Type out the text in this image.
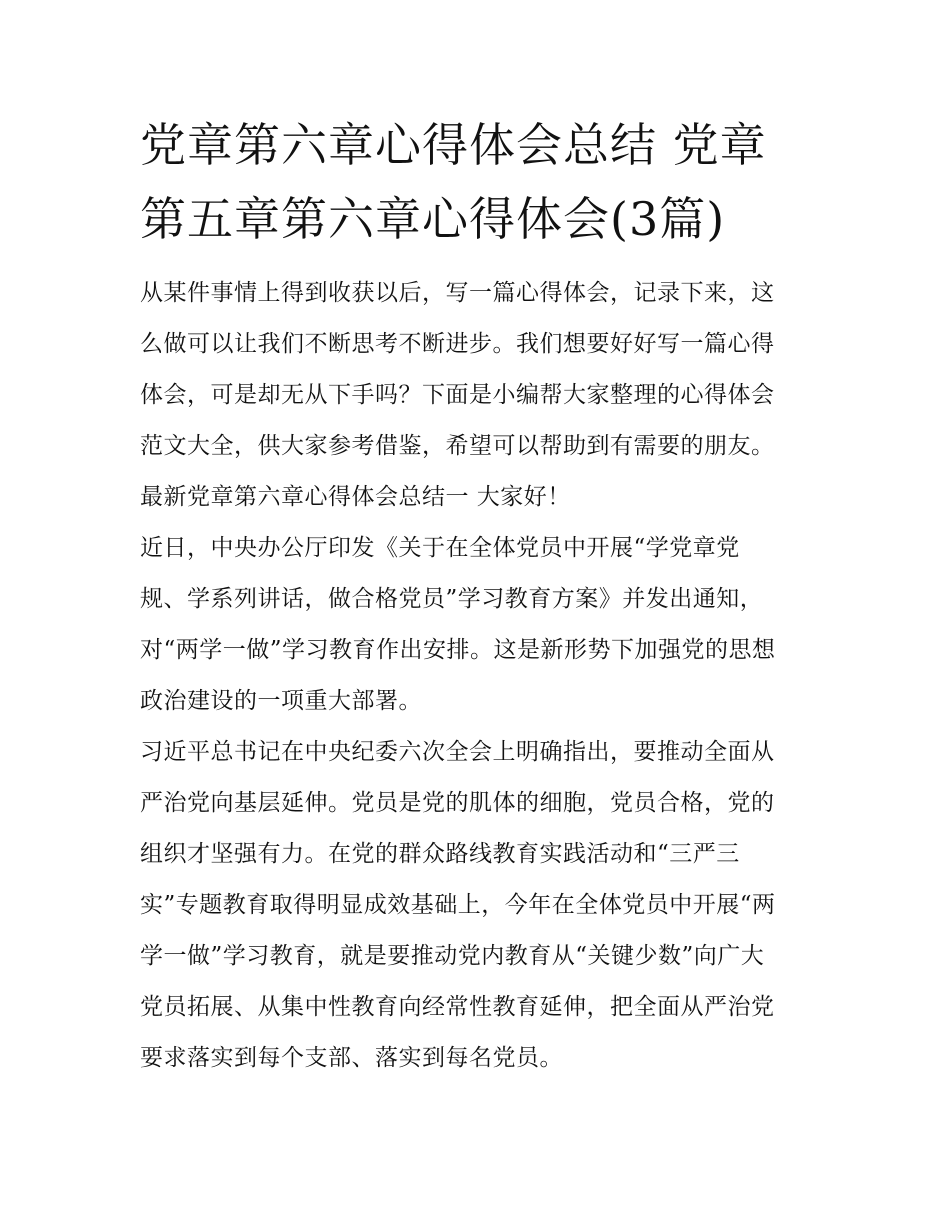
党章第六章心得体会总结 党章第五章第六章心得体会(3篇)
从某件事情上得到收获以后，写一篇心得体会，记录下来，这
么做可以让我们不断思考不断进步。我们想要好好写一篇心得
体会，可是却无从下手吗？下面是小编帮大家整理的心得体会
范文大全，供大家参考借鉴，希望可以帮助到有需要的朋友。
最新党章第六章心得体会总结一 大家好！
近日，中央办公厅印发《关于在全体党员中开展“学党章党
规、学系列讲话，做合格党员”学习教育方案》并发出通知，
对“两学一做”学习教育作出安排。这是新形势下加强党的思想
政治建设的一项重大部署。
习近平总书记在中央纪委六次全会上明确指出，要推动全面从
严治党向基层延伸。党员是党的肌体的细胞，党员合格，党的
组织才坚强有力。在党的群众路线教育实践活动和“三严三
实”专题教育取得明显成效基础上，今年在全体党员中开展“两
学一做”学习教育，就是要推动党内教育从“关键少数”向广大
党员拓展、从集中性教育向经常性教育延伸，把全面从严治党
要求落实到每个支部、落实到每名党员。
